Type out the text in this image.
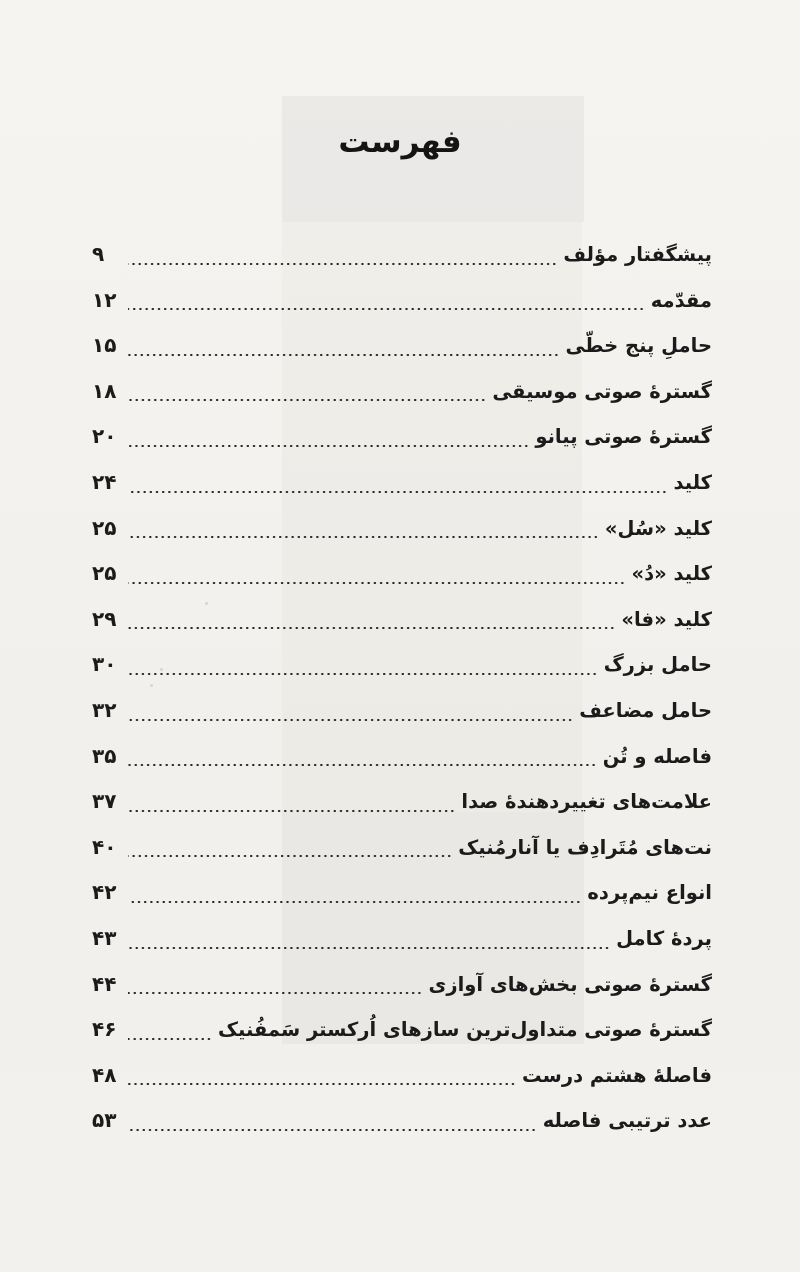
فهرست
پیشگفتار مؤلف
۹
مقدّمه
۱۲
حاملِ پنج خطّی
۱۵
گسترهٔ صوتی موسیقی
۱۸
گسترهٔ صوتی پیانو
۲۰
کلید
۲۴
کلید «سُل»
۲۵
کلید «دُ»
۲۵
کلید «فا»
۲۹
حامل بزرگ
۳۰
حامل مضاعف
۳۲
فاصله و تُن
۳۵
علامت‌های تغییردهندهٔ صدا
۳۷
نت‌های مُتَرادِف یا آنارمُنیک
۴۰
انواع نیم‌پرده
۴۲
پردهٔ کامل
۴۳
گسترهٔ صوتی بخش‌های آوازی
۴۴
گسترهٔ صوتی متداول‌ترین سازهای اُرکستر سَمفُنیک
۴۶
فاصلهٔ هشتم درست
۴۸
عدد ترتیبی فاصله
۵۳
